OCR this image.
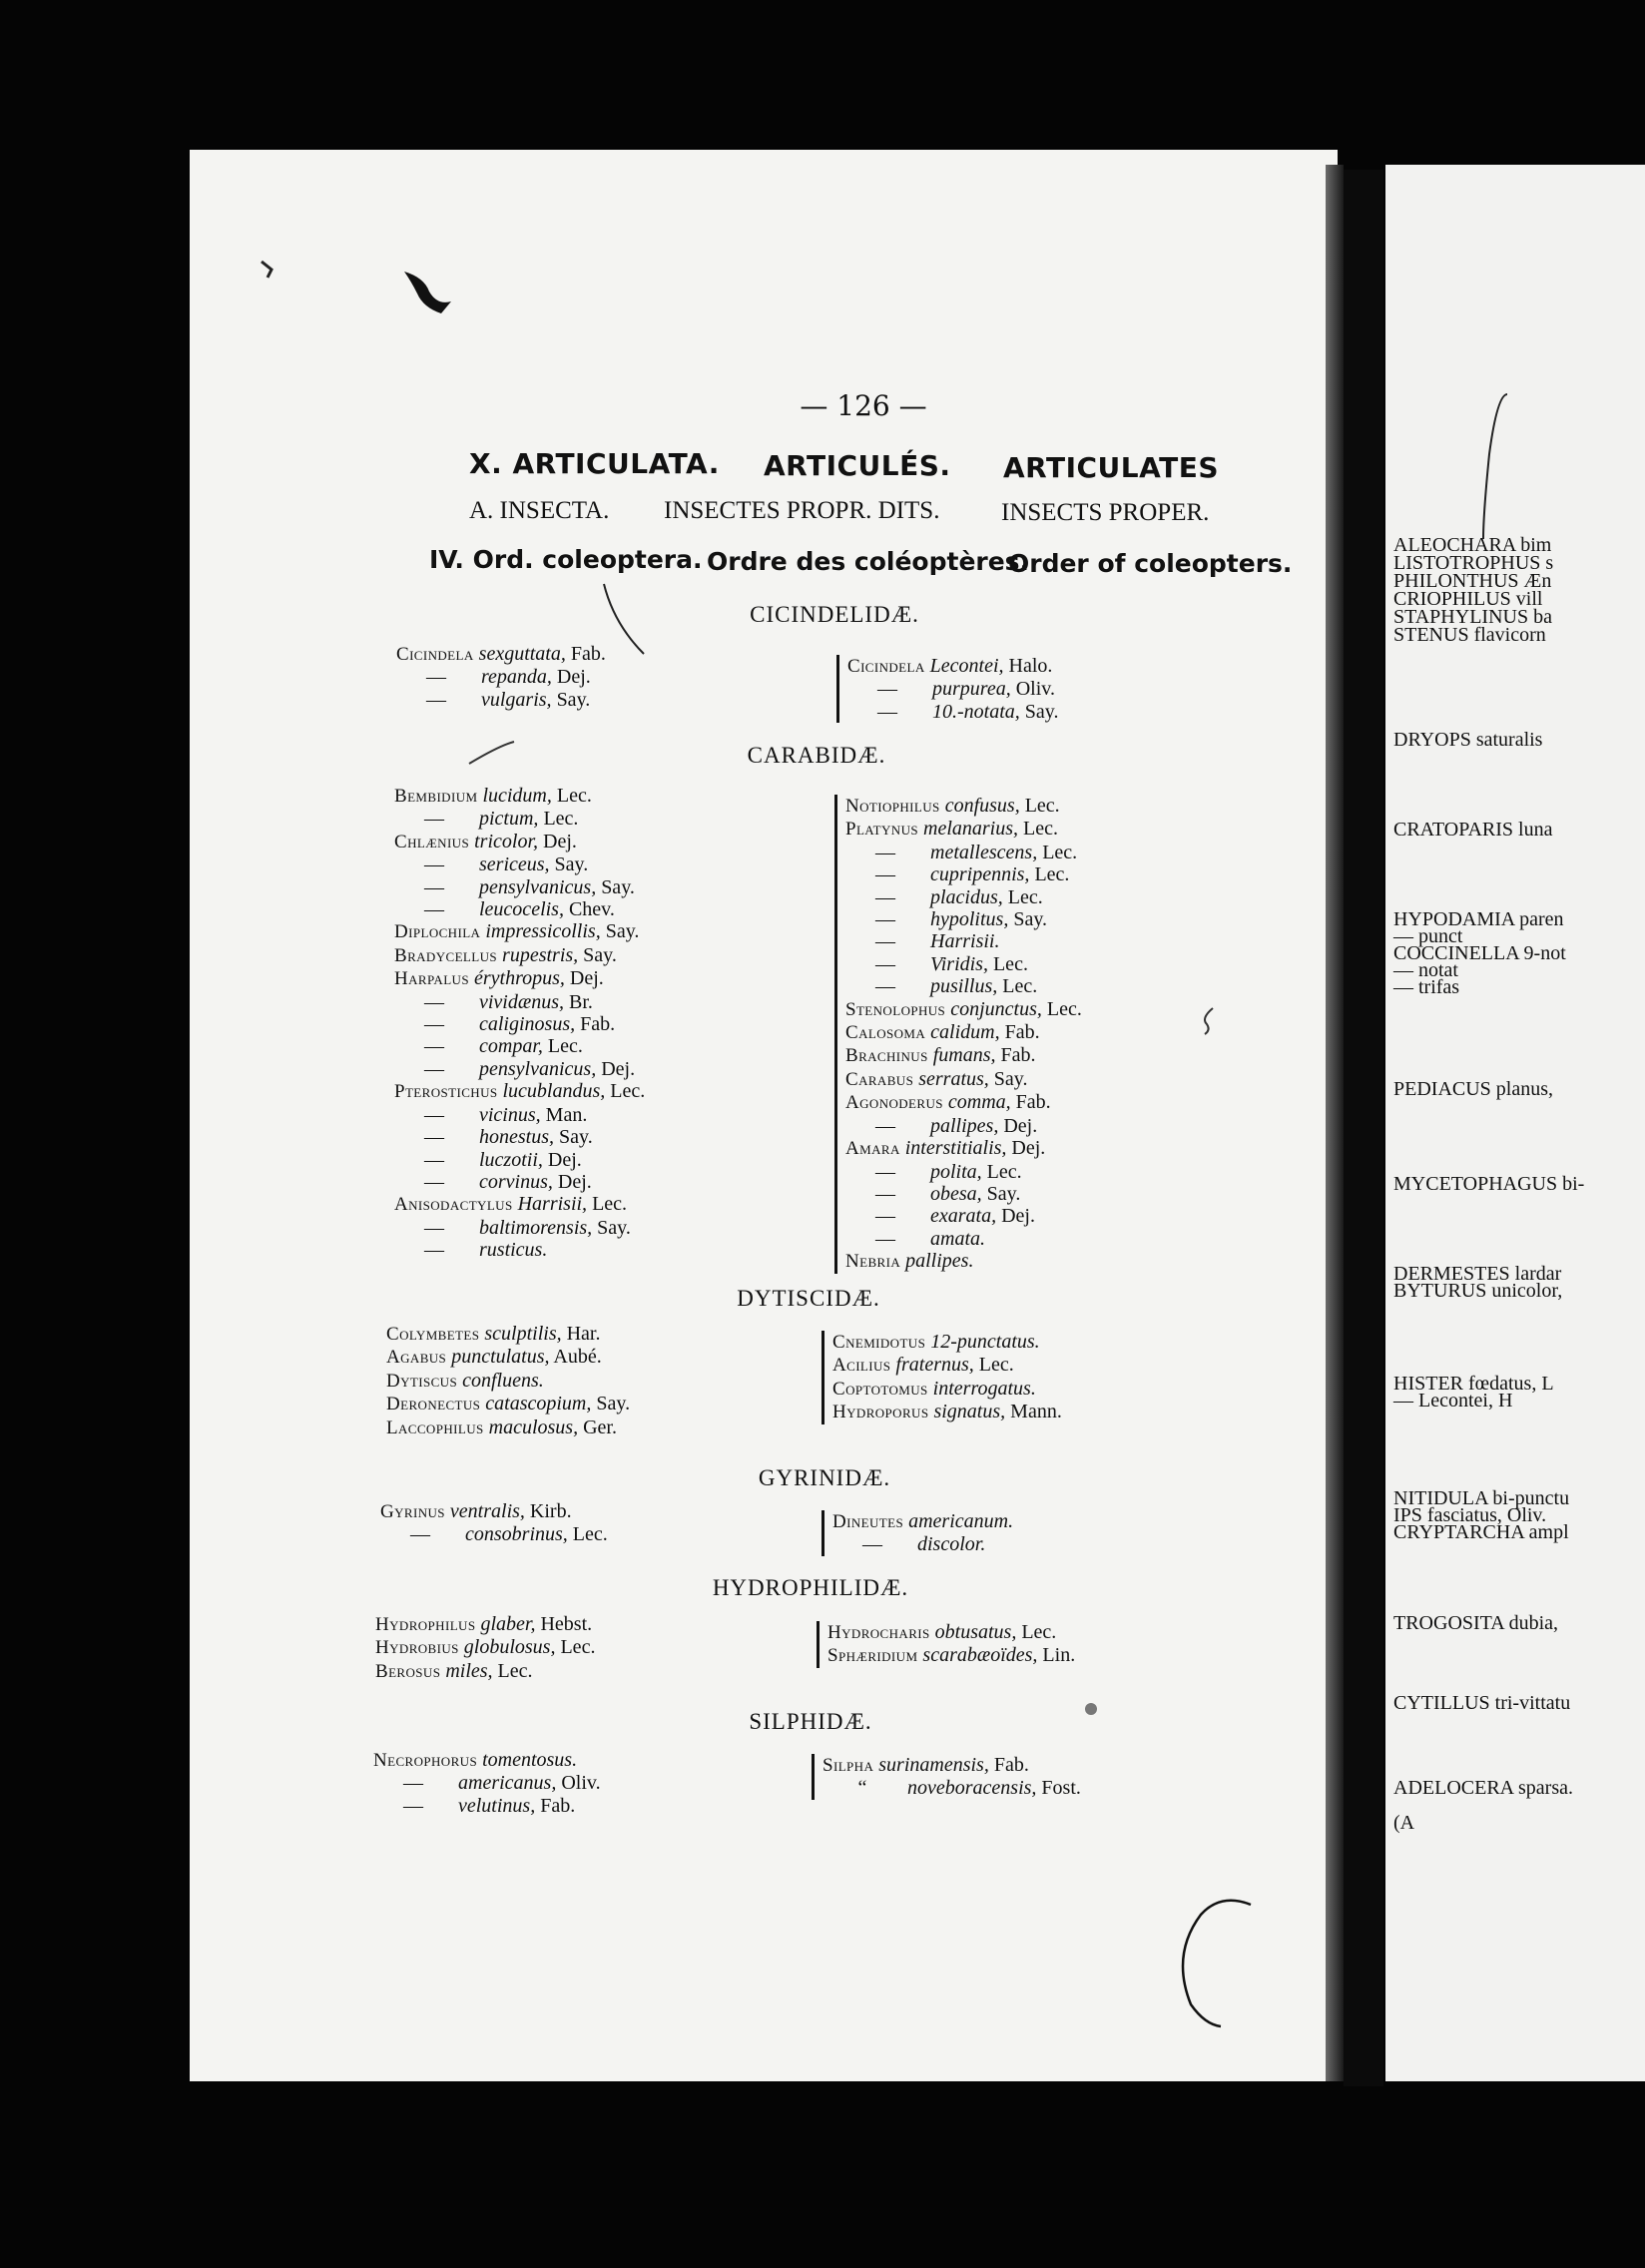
ALEOCHARA bim
LISTOTROPHUS s
PHILONTHUS Æn
CRIOPHILUS vill
STAPHYLINUS ba
STENUS flavicorn
DRYOPS saturalis
CRATOPARIS luna
HYPODAMIA paren
— punct
COCCINELLA 9-not
— notat
— trifas
PEDIACUS planus,
MYCETOPHAGUS bi-
DERMESTES lardar
BYTURUS unicolor,
HISTER fœdatus, L
— Lecontei, H
NITIDULA bi-punctu
IPS fasciatus, Oliv.
CRYPTARCHA ampl
TROGOSITA dubia,
CYTILLUS tri-vittatu
ADELOCERA sparsa.
(A
— 126 —
X. ARTICULATA. ARTICULÉS. ARTICULATES
A. INSECTA. INSECTES PROPR. DITS. INSECTS PROPER.
IV. Ord. coleoptera. Ordre des coléoptères.
Order of coleopters.
CICINDELIDÆ.
CARABIDÆ.
DYTISCIDÆ.
GYRINIDÆ.
HYDROPHILIDÆ.
SILPHIDÆ.
Cicindela sexguttata, Fab.
— repanda, Dej.
— vulgaris, Say.
Cicindela Lecontei, Halo.
— purpurea, Oliv.
— 10.-notata, Say.
Bembidium lucidum, Lec.
— pictum, Lec.
Chlænius tricolor, Dej.
— sericeus, Say.
— pensylvanicus, Say.
— leucocelis, Chev.
Diplochila impressicollis, Say.
Bradycellus rupestris, Say.
Harpalus érythropus, Dej.
— vividænus, Br.
— caliginosus, Fab.
— compar, Lec.
— pensylvanicus, Dej.
Pterostichus lucublandus, Lec.
— vicinus, Man.
— honestus, Say.
— luczotii, Dej.
— corvinus, Dej.
Anisodactylus Harrisii, Lec.
— baltimorensis, Say.
— rusticus.
Notiophilus confusus, Lec.
Platynus melanarius, Lec.
— metallescens, Lec.
— cupripennis, Lec.
— placidus, Lec.
— hypolitus, Say.
— Harrisii.
— Viridis, Lec.
— pusillus, Lec.
Stenolophus conjunctus, Lec.
Calosoma calidum, Fab.
Brachinus fumans, Fab.
Carabus serratus, Say.
Agonoderus comma, Fab.
— pallipes, Dej.
Amara interstitialis, Dej.
— polita, Lec.
— obesa, Say.
— exarata, Dej.
— amata.
Nebria pallipes.
Colymbetes sculptilis, Har.
Agabus punctulatus, Aubé.
Dytiscus confluens.
Deronectus catascopium, Say.
Laccophilus maculosus, Ger.
Cnemidotus 12-punctatus.
Acilius fraternus, Lec.
Coptotomus interrogatus.
Hydroporus signatus, Mann.
Gyrinus ventralis, Kirb.
— consobrinus, Lec.
Dineutes americanum.
— discolor.
Hydrophilus glaber, Hebst.
Hydrobius globulosus, Lec.
Berosus miles, Lec.
Hydrocharis obtusatus, Lec.
Sphæridium scarabæoïdes, Lin.
Necrophorus tomentosus.
— americanus, Oliv.
— velutinus, Fab.
Silpha surinamensis, Fab.
“ noveboracensis, Fost.
